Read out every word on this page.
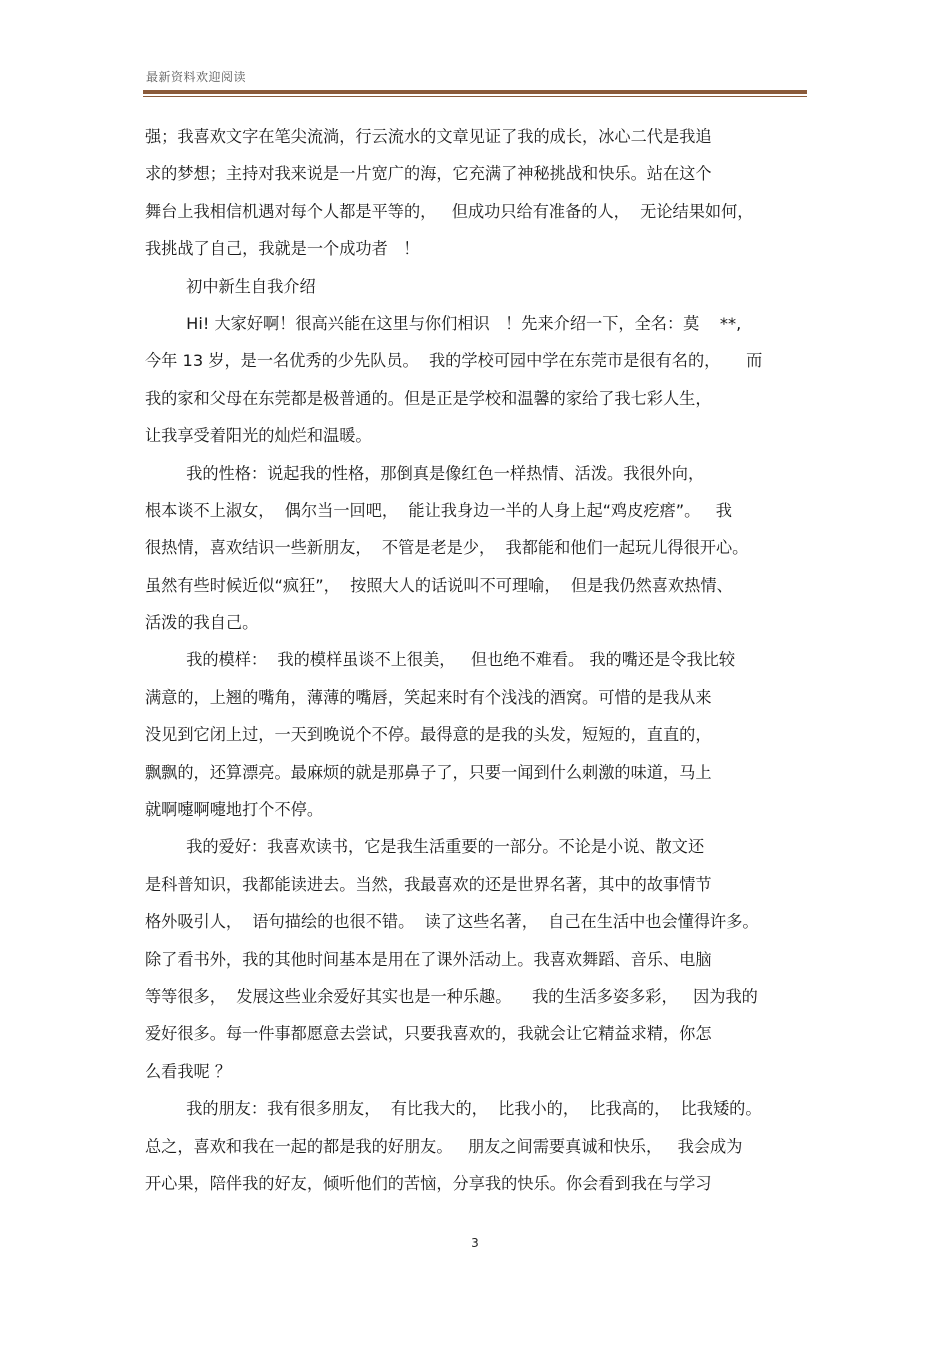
最新资料欢迎阅读
强；我喜欢文字在笔尖流淌，行云流水的文章见证了我的成长，冰心二代是我追
求的梦想；主持对我来说是一片宽广的海，它充满了神秘挑战和快乐。站在这个
舞台上我相信机遇对每个人都是平等的，   但成功只给有准备的人，  无论结果如何，
我挑战了自己，我就是一个成功者   ！
初中新生自我介绍
Hi! 大家好啊！很高兴能在这里与你们相识   ！先来介绍一下，全名：莫    **,
今年 13 岁，是一名优秀的少先队员。  我的学校可园中学在东莞市是很有名的，     而
我的家和父母在东莞都是极普通的。但是正是学校和温馨的家给了我七彩人生，
让我享受着阳光的灿烂和温暖。
我的性格：说起我的性格，那倒真是像红色一样热情、活泼。我很外向，
根本谈不上淑女，  偶尔当一回吧，  能让我身边一半的人身上起“鸡皮疙瘩”。   我
很热情，喜欢结识一些新朋友，  不管是老是少，  我都能和他们一起玩儿得很开心。
虽然有些时候近似“疯狂”，  按照大人的话说叫不可理喻，  但是我仍然喜欢热情、
活泼的我自己。
我的模样：  我的模样虽谈不上很美，   但也绝不难看。 我的嘴还是令我比较
满意的，上翘的嘴角，薄薄的嘴唇，笑起来时有个浅浅的酒窝。可惜的是我从来
没见到它闭上过，一天到晚说个不停。最得意的是我的头发，短短的，直直的，
飘飘的，还算漂亮。最麻烦的就是那鼻子了，只要一闻到什么刺激的味道，马上
就啊嚏啊嚏地打个不停。
我的爱好：我喜欢读书，它是我生活重要的一部分。不论是小说、散文还
是科普知识，我都能读进去。当然，我最喜欢的还是世界名著，其中的故事情节
格外吸引人，  语句描绘的也很不错。  读了这些名著，  自己在生活中也会懂得许多。
除了看书外，我的其他时间基本是用在了课外活动上。我喜欢舞蹈、音乐、电脑
等等很多，  发展这些业余爱好其实也是一种乐趣。    我的生活多姿多彩，   因为我的
爱好很多。每一件事都愿意去尝试，只要我喜欢的，我就会让它精益求精，你怎
么看我呢 ？
我的朋友：我有很多朋友，  有比我大的，  比我小的，  比我高的，  比我矮的。
总之，喜欢和我在一起的都是我的好朋友。   朋友之间需要真诚和快乐，   我会成为
开心果，陪伴我的好友，倾听他们的苦恼，分享我的快乐。你会看到我在与学习
3
